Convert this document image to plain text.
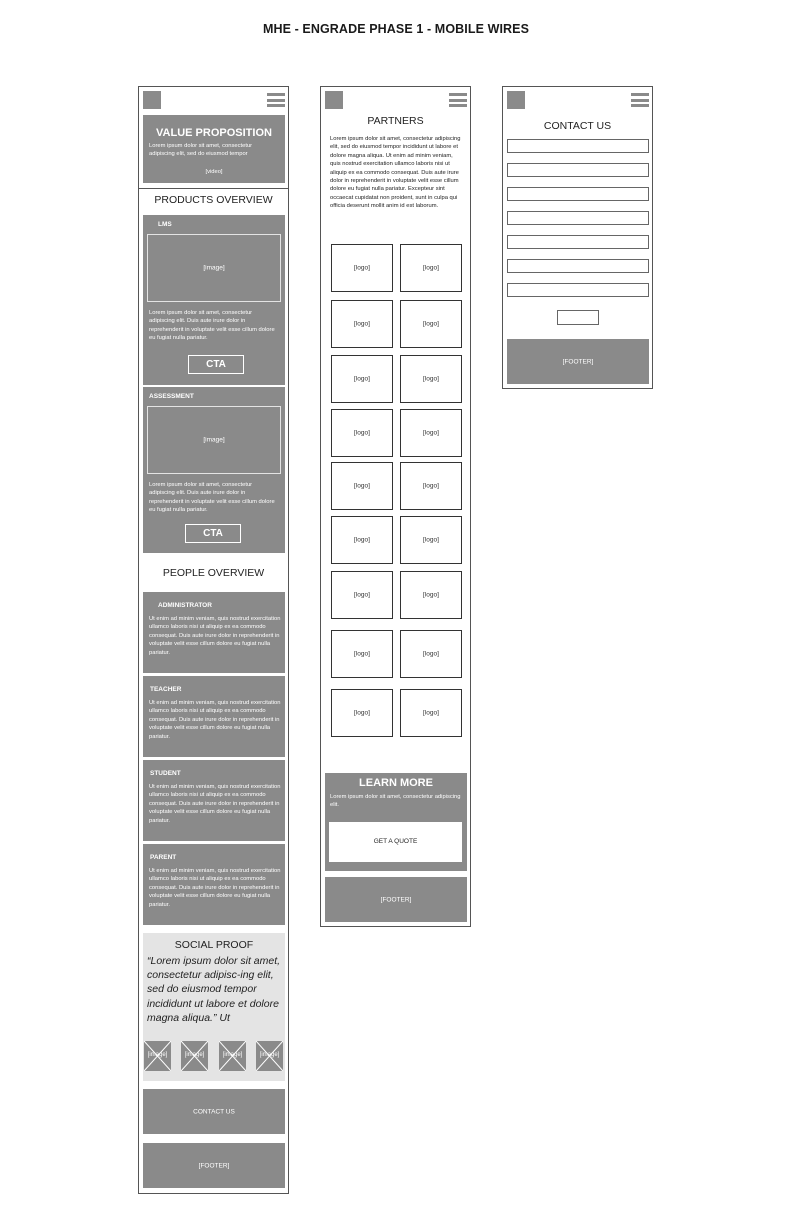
MHE - ENGRADE PHASE 1 - MOBILE WIRES
VALUE PROPOSITION
Lorem ipsum dolor sit amet, consectetur adipiscing elit, sed do eiusmod tempor
[video]
PRODUCTS OVERVIEW
LMS
[image]
Lorem ipsum dolor sit amet, consectetur adipiscing elit. Duis aute irure dolor in reprehenderit in voluptate velit esse cillum dolore eu fugiat nulla pariatur.
CTA
ASSESSMENT
[image]
Lorem ipsum dolor sit amet, consectetur adipiscing elit. Duis aute irure dolor in reprehenderit in voluptate velit esse cillum dolore eu fugiat nulla pariatur.
CTA
PEOPLE OVERVIEW
ADMINISTRATOR
Ut enim ad minim veniam, quis nostrud exercitation ullamco laboris nisi ut aliquip ex ea commodo consequat. Duis aute irure dolor in reprehenderit in voluptate velit esse cillum dolore eu fugiat nulla pariatur.
TEACHER
Ut enim ad minim veniam, quis nostrud exercitation ullamco laboris nisi ut aliquip ex ea commodo consequat. Duis aute irure dolor in reprehenderit in voluptate velit esse cillum dolore eu fugiat nulla pariatur.
STUDENT
Ut enim ad minim veniam, quis nostrud exercitation ullamco laboris nisi ut aliquip ex ea commodo consequat. Duis aute irure dolor in reprehenderit in voluptate velit esse cillum dolore eu fugiat nulla pariatur.
PARENT
Ut enim ad minim veniam, quis nostrud exercitation ullamco laboris nisi ut aliquip ex ea commodo consequat. Duis aute irure dolor in reprehenderit in voluptate velit esse cillum dolore eu fugiat nulla pariatur.
SOCIAL PROOF
“Lorem ipsum dolor sit amet, consectetur adipisc-ing elit, sed do eiusmod tempor incididunt ut labore et dolore magna aliqua.” Ut
[image]	[image]	[image]	[image]
CONTACT US
[FOOTER]
PARTNERS
Lorem ipsum dolor sit amet, consectetur adipiscing elit, sed do eiusmod tempor incididunt ut labore et dolore magna aliqua. Ut enim ad minim veniam, quis nostrud exercitation ullamco laboris nisi ut aliquip ex ea commodo consequat. Duis aute irure dolor in reprehenderit in voluptate velit esse cillum dolore eu fugiat nulla pariatur. Excepteur sint occaecat cupidatat non proident, sunt in culpa qui officia deserunt mollit anim id est laborum.
[logo]	[logo]
[logo]	[logo]
[logo]	[logo]
[logo]	[logo]
[logo]	[logo]
[logo]	[logo]
[logo]	[logo]
[logo]	[logo]
[logo]	[logo]
LEARN MORE
Lorem ipsum dolor sit amet, consectetur adipiscing elit.
GET A QUOTE
[FOOTER]
CONTACT US
[FOOTER]
